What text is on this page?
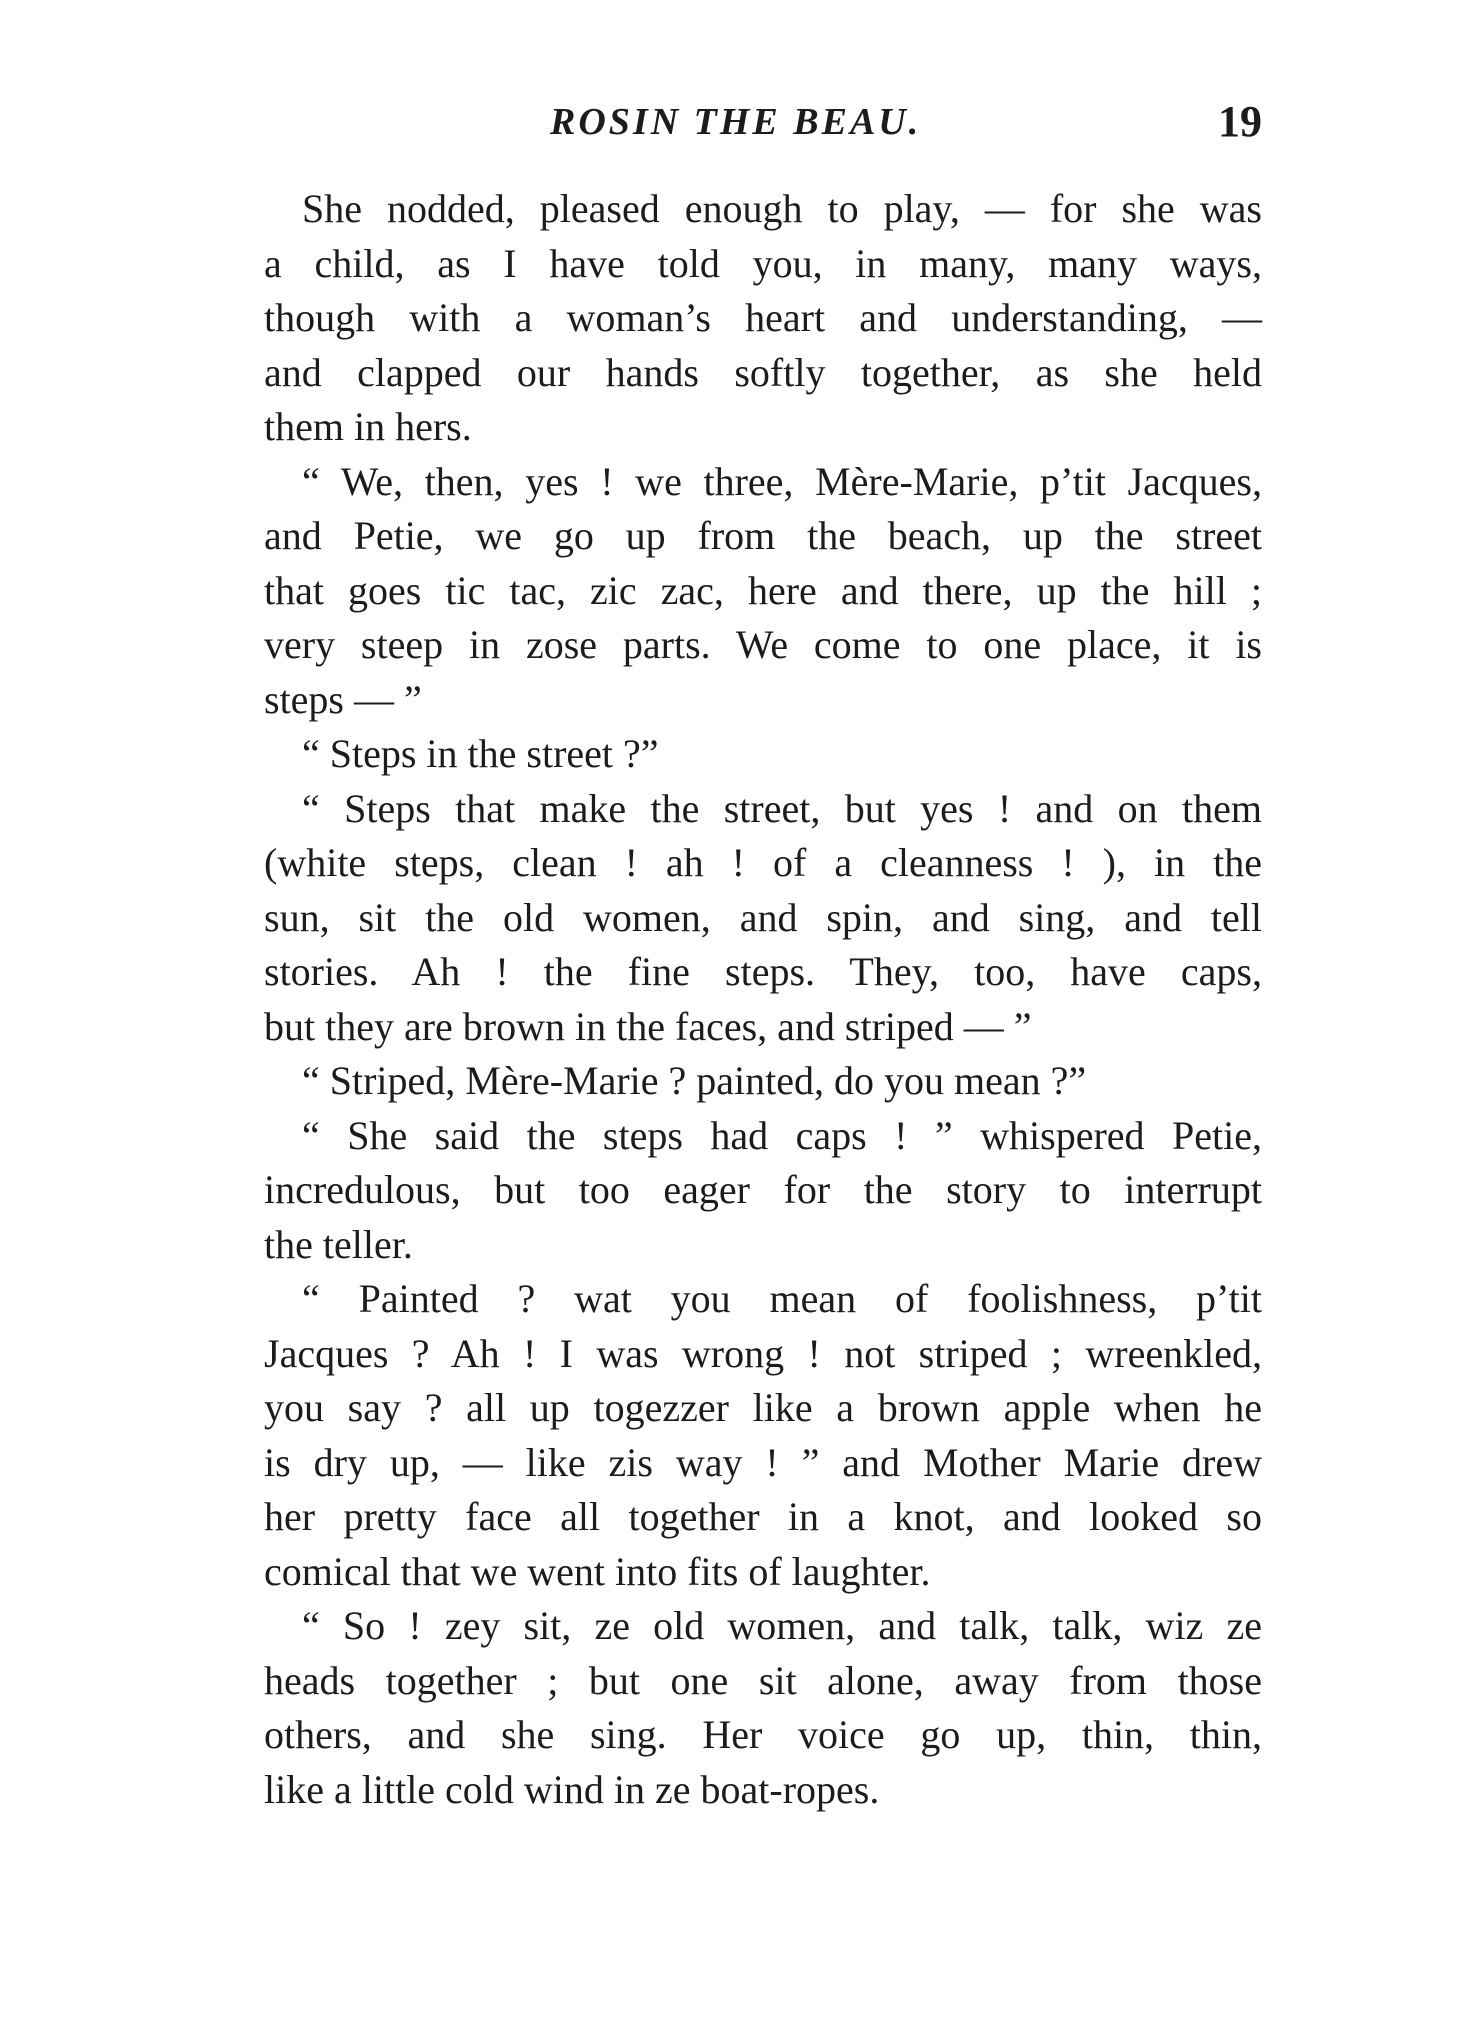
ROSIN THE BEAU.	19
She nodded, pleased enough to play, — for she was
a child, as I have told you, in many, many ways,
though with a woman’s heart and understanding, —
and clapped our hands softly together, as she held
them in hers.
“ We, then, yes ! we three, Mère-Marie, p’tit Jacques,
and Petie, we go up from the beach, up the street
that goes tic tac, zic zac, here and there, up the hill ;
very steep in zose parts. We come to one place, it is
steps — ”
“ Steps in the street ?”
“ Steps that make the street, but yes ! and on them
(white steps, clean ! ah ! of a cleanness ! ), in the
sun, sit the old women, and spin, and sing, and tell
stories. Ah ! the fine steps. They, too, have caps,
but they are brown in the faces, and striped — ”
“ Striped, Mère-Marie ? painted, do you mean ?”
“ She said the steps had caps ! ” whispered Petie,
incredulous, but too eager for the story to interrupt
the teller.
“ Painted ? wat you mean of foolishness, p’tit
Jacques ? Ah ! I was wrong ! not striped ; wreenkled,
you say ? all up togezzer like a brown apple when he
is dry up, — like zis way ! ” and Mother Marie drew
her pretty face all together in a knot, and looked so
comical that we went into fits of laughter.
“ So ! zey sit, ze old women, and talk, talk, wiz ze
heads together ; but one sit alone, away from those
others, and she sing. Her voice go up, thin, thin,
like a little cold wind in ze boat-ropes.
